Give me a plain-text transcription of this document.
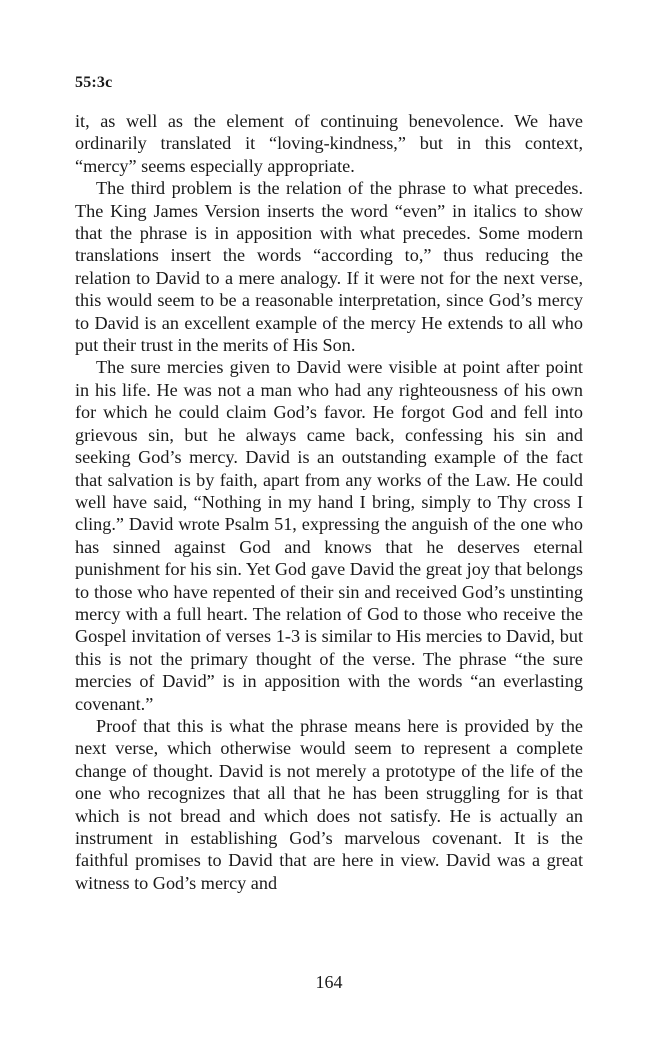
55:3c

it, as well as the element of continuing benevolence. We have ordinarily translated it “loving-kindness,” but in this context, “mercy” seems especially appropriate.

The third problem is the relation of the phrase to what precedes. The King James Version inserts the word “even” in italics to show that the phrase is in apposition with what precedes. Some modern translations insert the words “according to,” thus reducing the relation to David to a mere analogy. If it were not for the next verse, this would seem to be a reasonable interpretation, since God’s mercy to David is an excellent example of the mercy He extends to all who put their trust in the merits of His Son.

The sure mercies given to David were visible at point after point in his life. He was not a man who had any righteousness of his own for which he could claim God’s favor. He forgot God and fell into grievous sin, but he always came back, confessing his sin and seeking God’s mercy. David is an outstanding example of the fact that salvation is by faith, apart from any works of the Law. He could well have said, “Nothing in my hand I bring, simply to Thy cross I cling.” David wrote Psalm 51, expressing the anguish of the one who has sinned against God and knows that he deserves eternal punishment for his sin. Yet God gave David the great joy that belongs to those who have repented of their sin and received God’s unstinting mercy with a full heart. The relation of God to those who receive the Gospel invitation of verses 1-3 is similar to His mercies to David, but this is not the primary thought of the verse. The phrase “the sure mercies of David” is in apposition with the words “an everlasting covenant.”

Proof that this is what the phrase means here is provided by the next verse, which otherwise would seem to represent a complete change of thought. David is not merely a prototype of the life of the one who recognizes that all that he has been struggling for is that which is not bread and which does not satisfy. He is actually an instrument in establishing God’s marvelous covenant. It is the faithful promises to David that are here in view. David was a great witness to God’s mercy and

164
